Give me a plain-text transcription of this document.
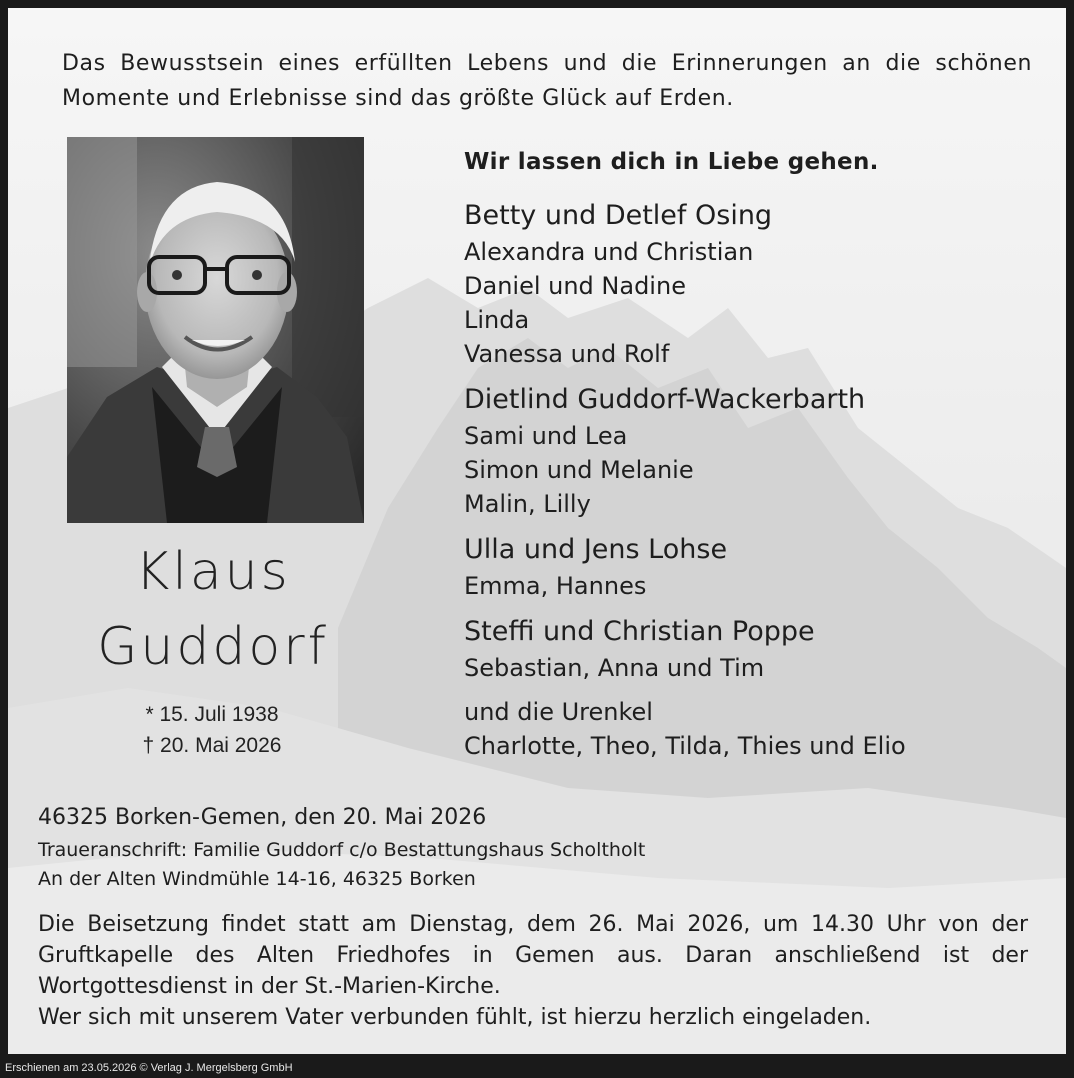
Das Bewusstsein eines erfüllten Lebens und die Erinnerungen an die schönen
Momente und Erlebnisse sind das größte Glück auf Erden.
Klaus
Guddorf
* 15. Juli 1938
† 20. Mai 2026
Wir lassen dich in Liebe gehen.
Betty und Detlef Osing
Alexandra und Christian
Daniel und Nadine
Linda
Vanessa und Rolf
Dietlind Guddorf-Wackerbarth
Sami und Lea
Simon und Melanie
Malin, Lilly
Ulla und Jens Lohse
Emma, Hannes
Steffi und Christian Poppe
Sebastian, Anna und Tim
und die Urenkel
Charlotte, Theo, Tilda, Thies und Elio
46325 Borken-Gemen, den 20. Mai 2026
Traueranschrift: Familie Guddorf c/o Bestattungshaus Scholtholt
An der Alten Windmühle 14-16, 46325 Borken
Die Beisetzung findet statt am Dienstag, dem 26. Mai 2026, um 14.30 Uhr von der Gruftkapelle des Alten Friedhofes in Gemen aus. Daran anschließend ist der Wortgottesdienst in der St.-Marien-Kirche.
Wer sich mit unserem Vater verbunden fühlt, ist hierzu herzlich eingeladen.
Erschienen am 23.05.2026 © Verlag J. Mergelsberg GmbH
